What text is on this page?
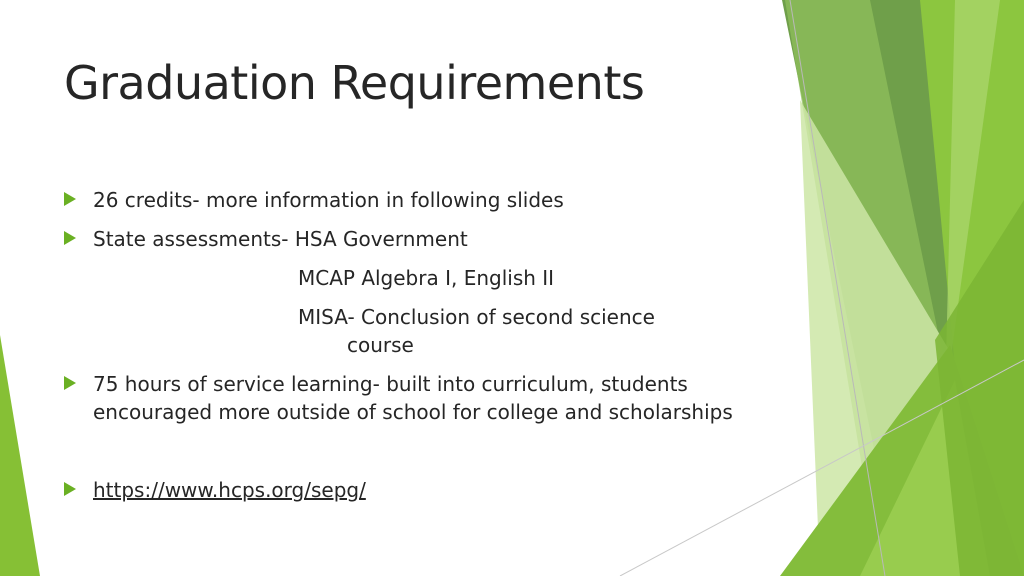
Graduation Requirements
26 credits- more information in following slides
State assessments- HSA Government
MCAP Algebra I, English II
MISA- Conclusion of second science
course
75 hours of service learning- built into curriculum, students encouraged more outside of school for college and scholarships
https://www.hcps.org/sepg/
